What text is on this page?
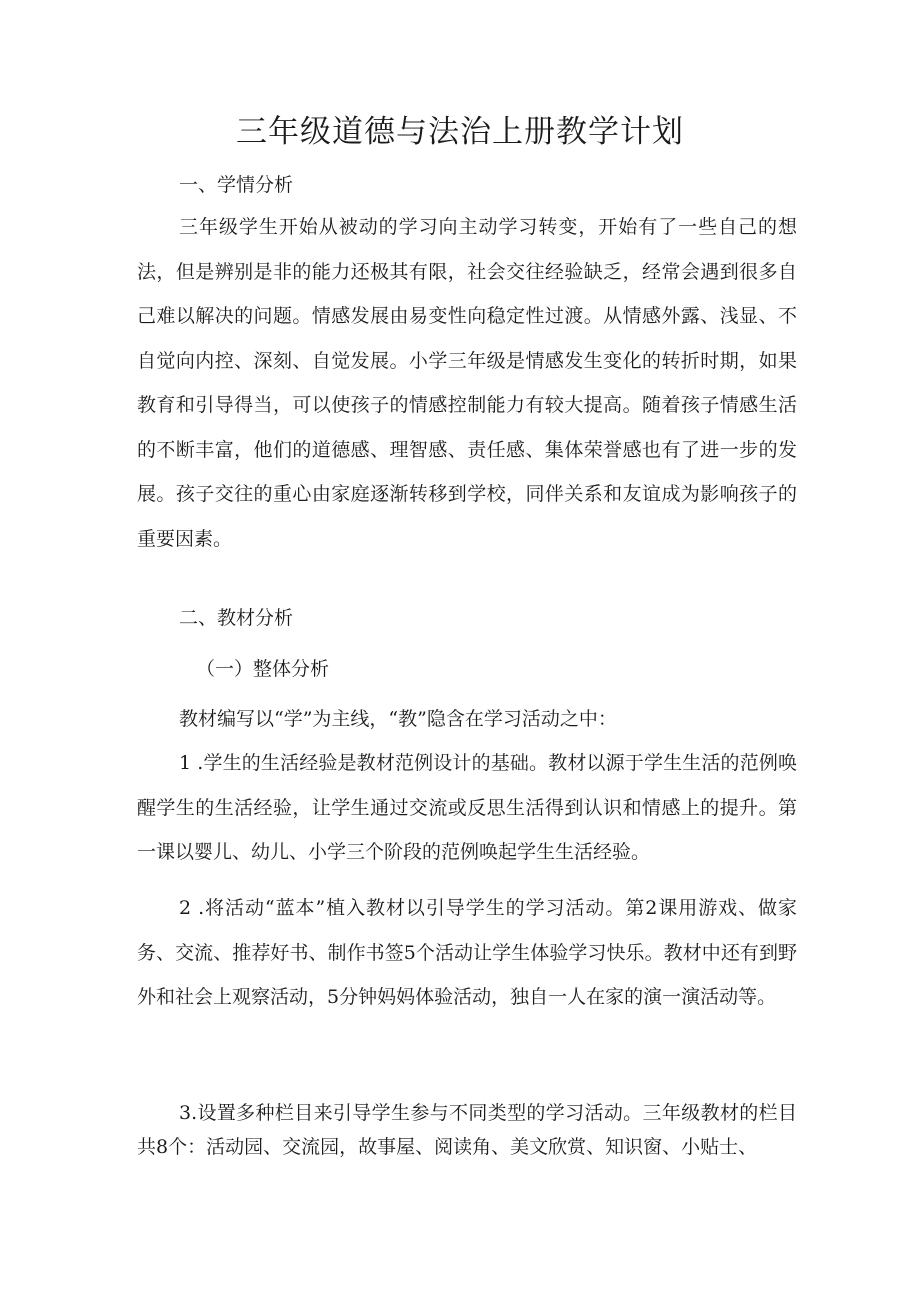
三年级道德与法治上册教学计划

一、学情分析

三年级学生开始从被动的学习向主动学习转变，开始有了一些自己的想法，但是辨别是非的能力还极其有限，社会交往经验缺乏，经常会遇到很多自己难以解决的问题。情感发展由易变性向稳定性过渡。从情感外露、浅显、不自觉向内控、深刻、自觉发展。小学三年级是情感发生变化的转折时期，如果教育和引导得当，可以使孩子的情感控制能力有较大提高。随着孩子情感生活的不断丰富，他们的道德感、理智感、责任感、集体荣誉感也有了进一步的发展。孩子交往的重心由家庭逐渐转移到学校，同伴关系和友谊成为影响孩子的重要因素。

二、教材分析

（一）整体分析

教材编写以“学”为主线，“教”隐含在学习活动之中：

1 .学生的生活经验是教材范例设计的基础。教材以源于学生生活的范例唤醒学生的生活经验，让学生通过交流或反思生活得到认识和情感上的提升。第一课以婴儿、幼儿、小学三个阶段的范例唤起学生生活经验。

2 .将活动“蓝本”植入教材以引导学生的学习活动。第2课用游戏、做家务、交流、推荐好书、制作书签5个活动让学生体验学习快乐。教材中还有到野外和社会上观察活动，5分钟妈妈体验活动，独自一人在家的演一演活动等。

3.设置多种栏目来引导学生参与不同类型的学习活动。三年级教材的栏目共8个：活动园、交流园，故事屋、阅读角、美文欣赏、知识窗、小贴士、
